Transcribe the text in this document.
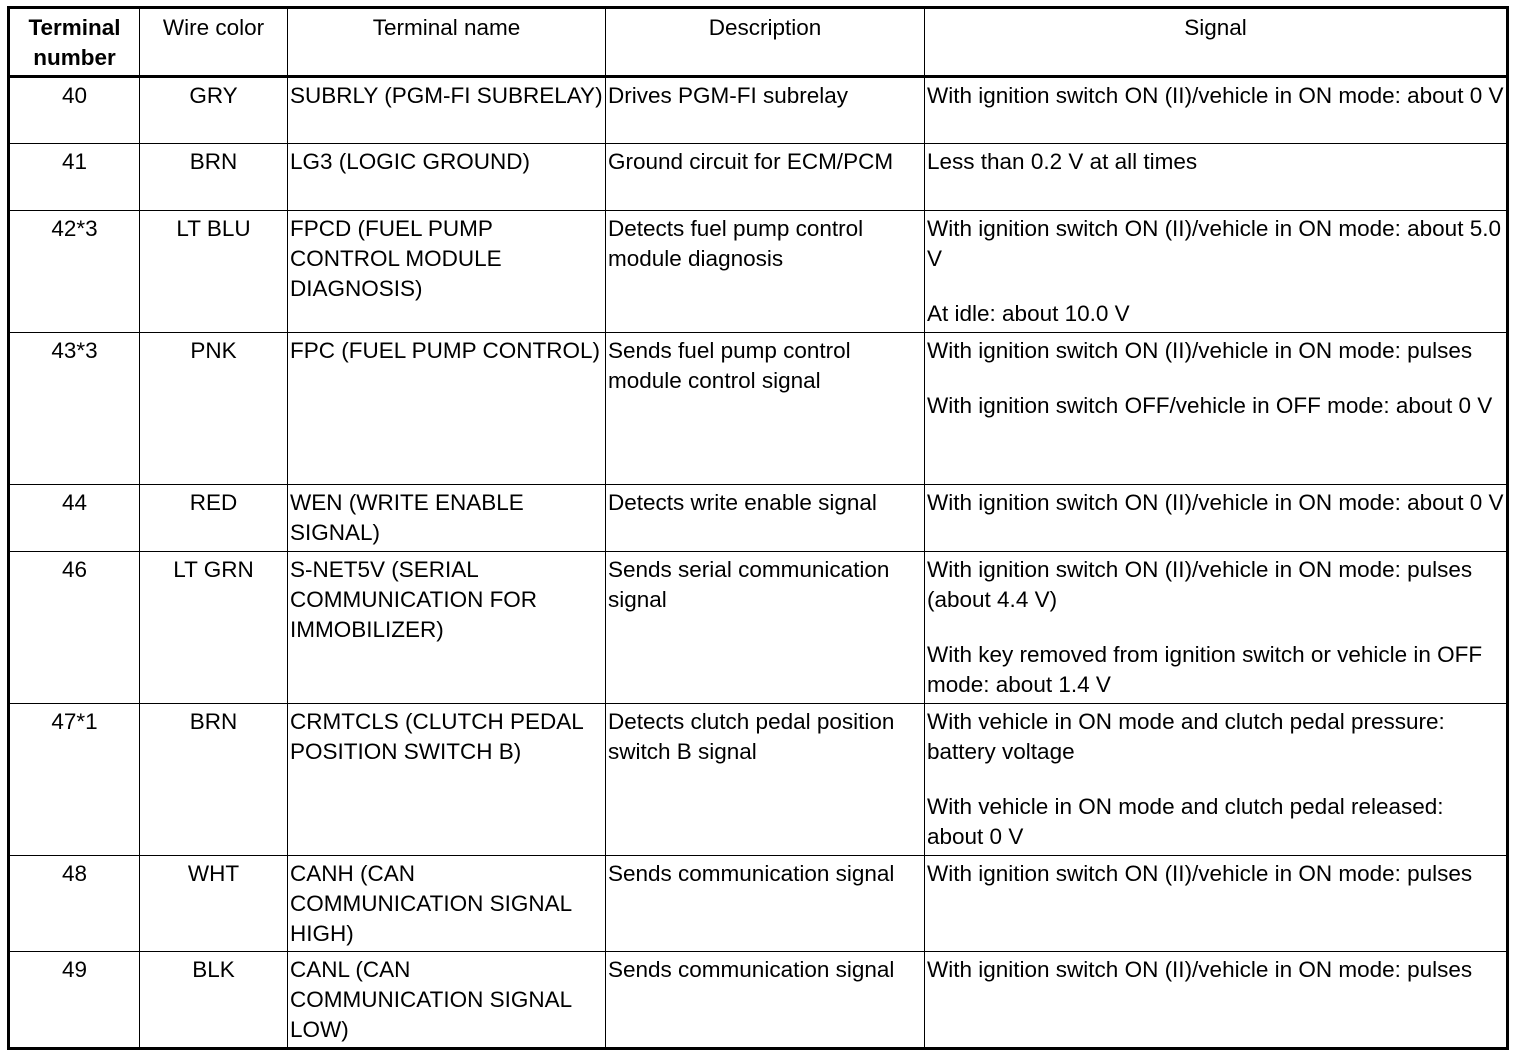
Terminal number	Wire color	Terminal name	Description	Signal
40	GRY	SUBRLY (PGM-FI SUBRELAY)	Drives PGM-FI subrelay	With ignition switch ON (II)/vehicle in ON mode: about 0 V

41	BRN	LG3 (LOGIC GROUND)	Ground circuit for ECM/PCM	Less than 0.2 V at all times

42*3	LT BLU	FPCD (FUEL PUMP CONTROL MODULE DIAGNOSIS)	Detects fuel pump control module diagnosis	With ignition switch ON (II)/vehicle in ON mode: about 5.0 V
At idle: about 10.0 V

43*3	PNK	FPC (FUEL PUMP CONTROL)	Sends fuel pump control module control signal	With ignition switch ON (II)/vehicle in ON mode: pulses
With ignition switch OFF/vehicle in OFF mode: about 0 V

44	RED	WEN (WRITE ENABLE SIGNAL)	Detects write enable signal	With ignition switch ON (II)/vehicle in ON mode: about 0 V

46	LT GRN	S-NET5V (SERIAL COMMUNICATION FOR IMMOBILIZER)	Sends serial communication signal	With ignition switch ON (II)/vehicle in ON mode: pulses (about 4.4 V)
With key removed from ignition switch or vehicle in OFF mode: about 1.4 V

47*1	BRN	CRMTCLS (CLUTCH PEDAL POSITION SWITCH B)	Detects clutch pedal position switch B signal	With vehicle in ON mode and clutch pedal pressure: battery voltage
With vehicle in ON mode and clutch pedal released: about 0 V

48	WHT	CANH (CAN COMMUNICATION SIGNAL HIGH)	Sends communication signal	With ignition switch ON (II)/vehicle in ON mode: pulses

49	BLK	CANL (CAN COMMUNICATION SIGNAL LOW)	Sends communication signal	With ignition switch ON (II)/vehicle in ON mode: pulses
